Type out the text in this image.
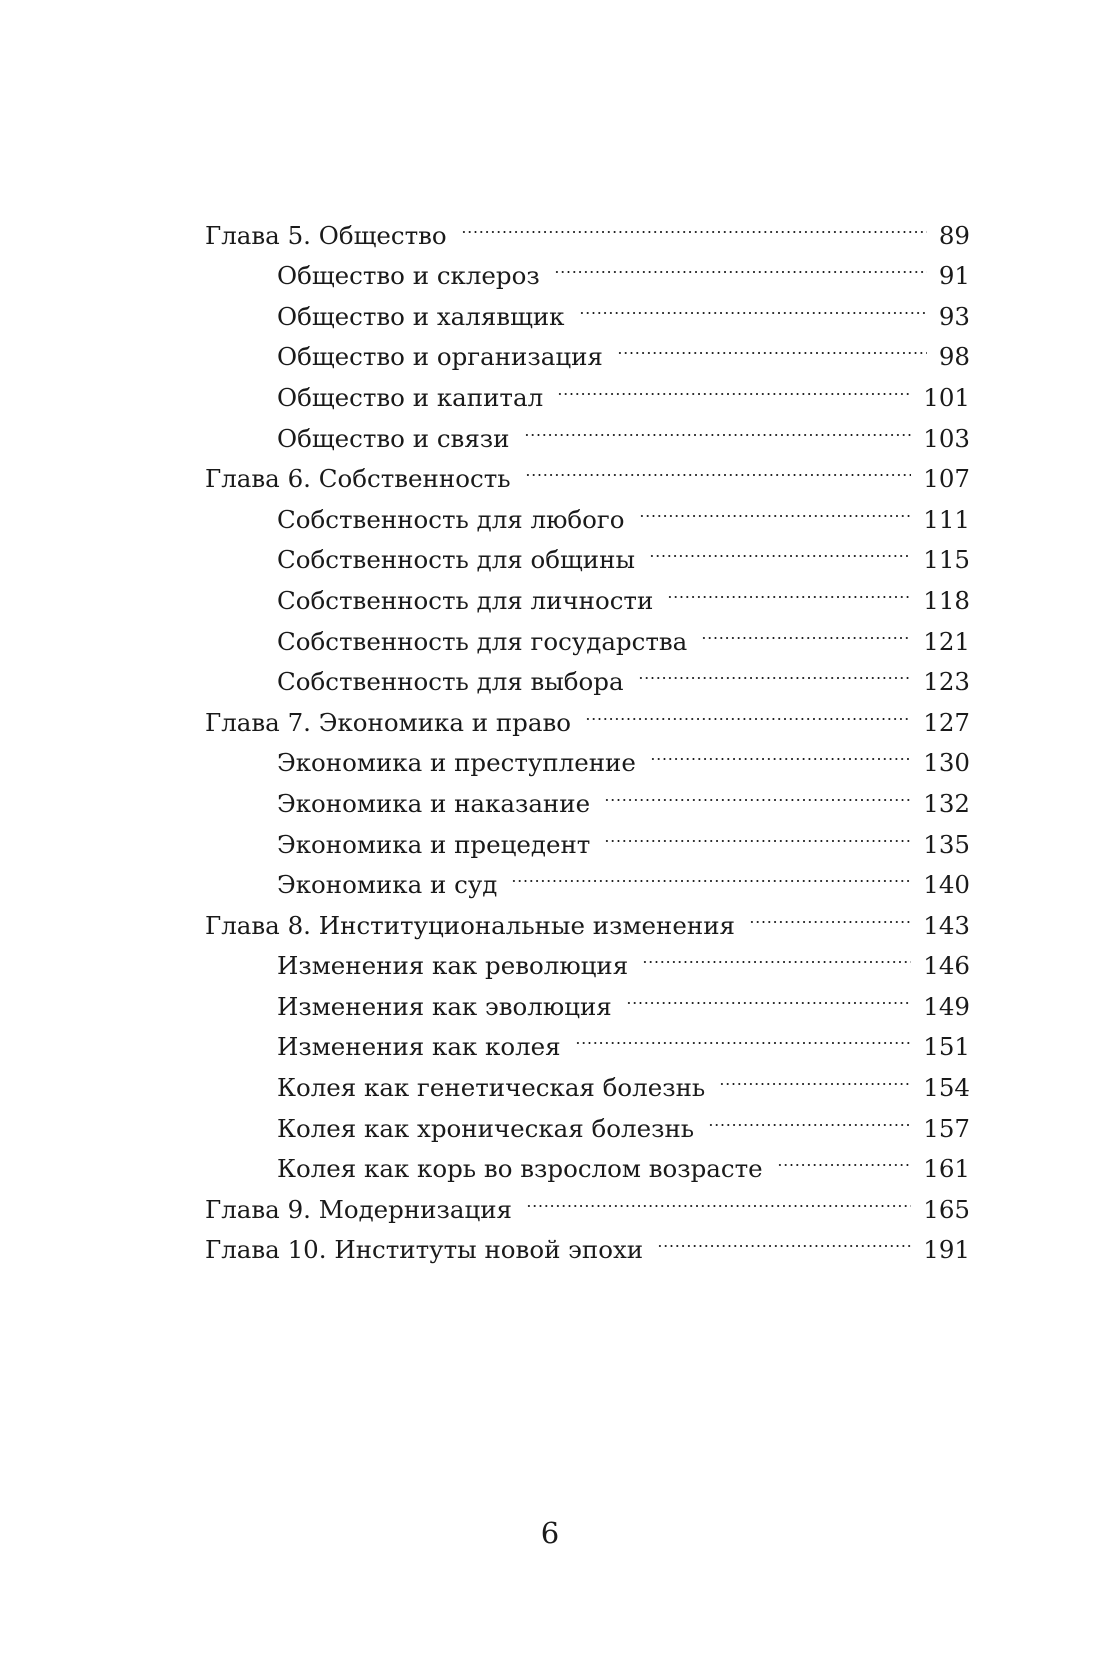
Глава 5. Общество	89
Общество и склероз	91
Общество и халявщик	93
Общество и организация	98
Общество и капитал	101
Общество и связи	103
Глава 6. Собственность	107
Собственность для любого	111
Собственность для общины	115
Собственность для личности	118
Собственность для государства	121
Собственность для выбора	123
Глава 7. Экономика и право	127
Экономика и преступление	130
Экономика и наказание	132
Экономика и прецедент	135
Экономика и суд	140
Глава 8. Институциональные изменения	143
Изменения как революция	146
Изменения как эволюция	149
Изменения как колея	151
Колея как генетическая болезнь	154
Колея как хроническая болезнь	157
Колея как корь во взрослом возрасте	161
Глава 9. Модернизация	165
Глава 10. Институты новой эпохи	191
6
